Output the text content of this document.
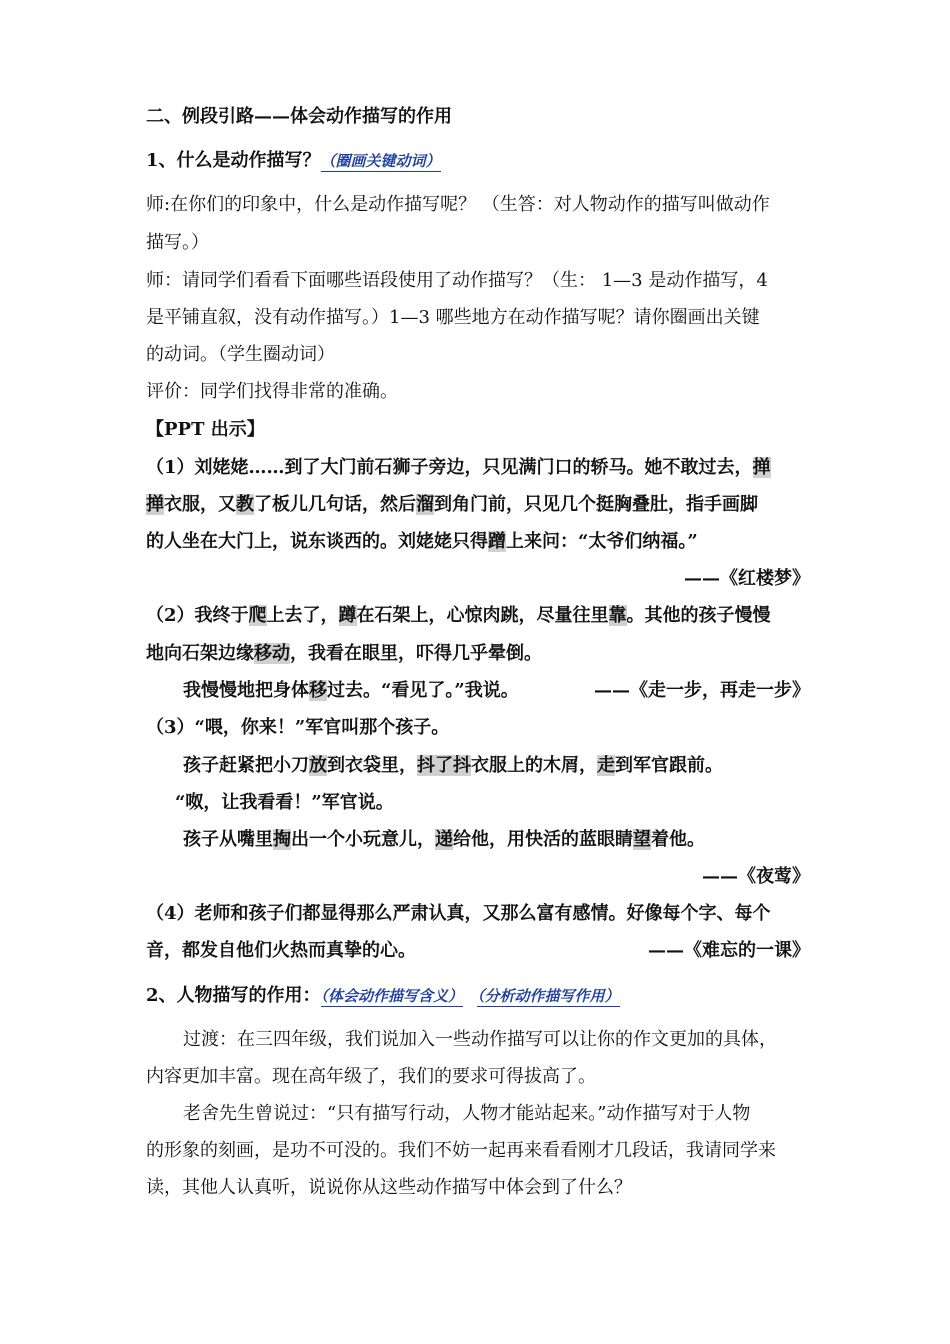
二、例段引路——体会动作描写的作用
1、什么是动作描写？（圈画关键动词）
师:在你们的印象中，什么是动作描写呢？ （生答：对人物动作的描写叫做动作
描写。）
师：请同学们看看下面哪些语段使用了动作描写？（生： 1—3 是动作描写，4
是平铺直叙，没有动作描写。）1—3 哪些地方在动作描写呢？请你圈画出关键
的动词。（学生圈动词）
评价：同学们找得非常的准确。
【PPT 出示】
（1）刘姥姥……到了大门前石狮子旁边，只见满门口的轿马。她不敢过去，掸
掸衣服，又教了板儿几句话，然后溜到角门前，只见几个挺胸叠肚，指手画脚
的人坐在大门上，说东谈西的。刘姥姥只得蹭上来问：“太爷们纳福。”
——《红楼梦》
（2）我终于爬上去了，蹲在石架上，心惊肉跳，尽量往里靠。其他的孩子慢慢
地向石架边缘移动，我看在眼里，吓得几乎晕倒。
我慢慢地把身体移过去。“看见了。”我说。	——《走一步，再走一步》
（3）“喂，你来！”军官叫那个孩子。
孩子赶紧把小刀放到衣袋里，抖了抖衣服上的木屑，走到军官跟前。
“呶，让我看看！”军官说。
孩子从嘴里掏出一个小玩意儿，递给他，用快活的蓝眼睛望着他。
——《夜莺》
（4）老师和孩子们都显得那么严肃认真，又那么富有感情。好像每个字、每个
音，都发自他们火热而真挚的心。	——《难忘的一课》
2、人物描写的作用：（体会动作描写含义） （分析动作描写作用）
过渡：在三四年级，我们说加入一些动作描写可以让你的作文更加的具体，
内容更加丰富。现在高年级了，我们的要求可得拔高了。
老舍先生曾说过：“只有描写行动，人物才能站起来。”动作描写对于人物
的形象的刻画，是功不可没的。我们不妨一起再来看看刚才几段话，我请同学来
读，其他人认真听，说说你从这些动作描写中体会到了什么？
